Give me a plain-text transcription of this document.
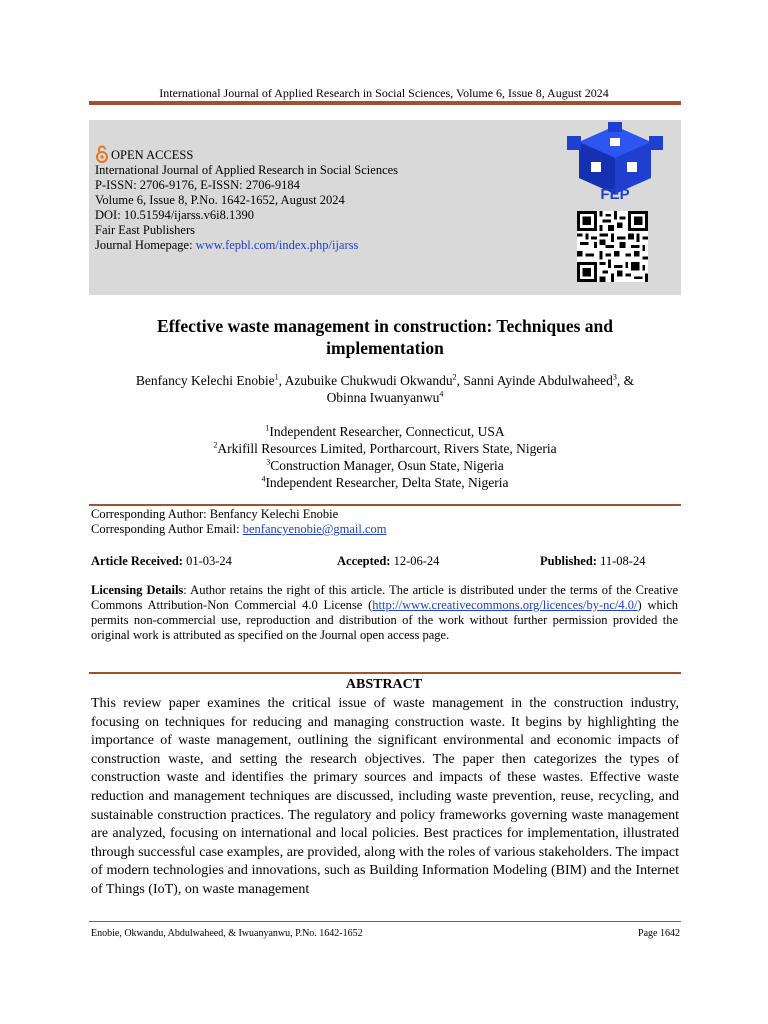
International Journal of Applied Research in Social Sciences, Volume 6, Issue 8, August 2024
OPEN ACCESS
International Journal of Applied Research in Social Sciences
P-ISSN: 2706-9176, E-ISSN: 2706-9184
Volume 6, Issue 8, P.No. 1642-1652, August 2024
DOI: 10.51594/ijarss.v6i8.1390
Fair East Publishers
Journal Homepage: www.fepbl.com/index.php/ijarss
FEP
Effective waste management in construction: Techniques and
implementation
Benfancy Kelechi Enobie$^1$, Azubuike Chukwudi Okwandu$^2$, Sanni Ayinde Abdulwaheed$^3$, &
Obinna Iwuanyanwu$^4$
$^1$Independent Researcher, Connecticut, USA
$^2$Arkifill Resources Limited, Portharcourt, Rivers State, Nigeria
$^3$Construction Manager, Osun State, Nigeria
$^4$Independent Researcher, Delta State, Nigeria
Corresponding Author: Benfancy Kelechi Enobie
Corresponding Author Email: benfancyenobie@gmail.com
Article Received: 01-03-24	Accepted: 12-06-24	Published: 11-08-24
Licensing Details: Author retains the right of this article. The article is distributed under the terms of the Creative Commons Attribution-Non Commercial 4.0 License (http://www.creativecommons.org/licences/by-nc/4.0/) which permits non-commercial use, reproduction and distribution of the work without further permission provided the original work is attributed as specified on the Journal open access page.
ABSTRACT
This review paper examines the critical issue of waste management in the construction industry, focusing on techniques for reducing and managing construction waste. It begins by highlighting the importance of waste management, outlining the significant environmental and economic impacts of construction waste, and setting the research objectives. The paper then categorizes the types of construction waste and identifies the primary sources and impacts of these wastes. Effective waste reduction and management techniques are discussed, including waste prevention, reuse, recycling, and sustainable construction practices. The regulatory and policy frameworks governing waste management are analyzed, focusing on international and local policies. Best practices for implementation, illustrated through successful case examples, are provided, along with the roles of various stakeholders. The impact of modern technologies and innovations, such as Building Information Modeling (BIM) and the Internet of Things (IoT), on waste management
Enobie, Okwandu, Abdulwaheed, & Iwuanyanwu, P.No. 1642-1652	Page 1642
